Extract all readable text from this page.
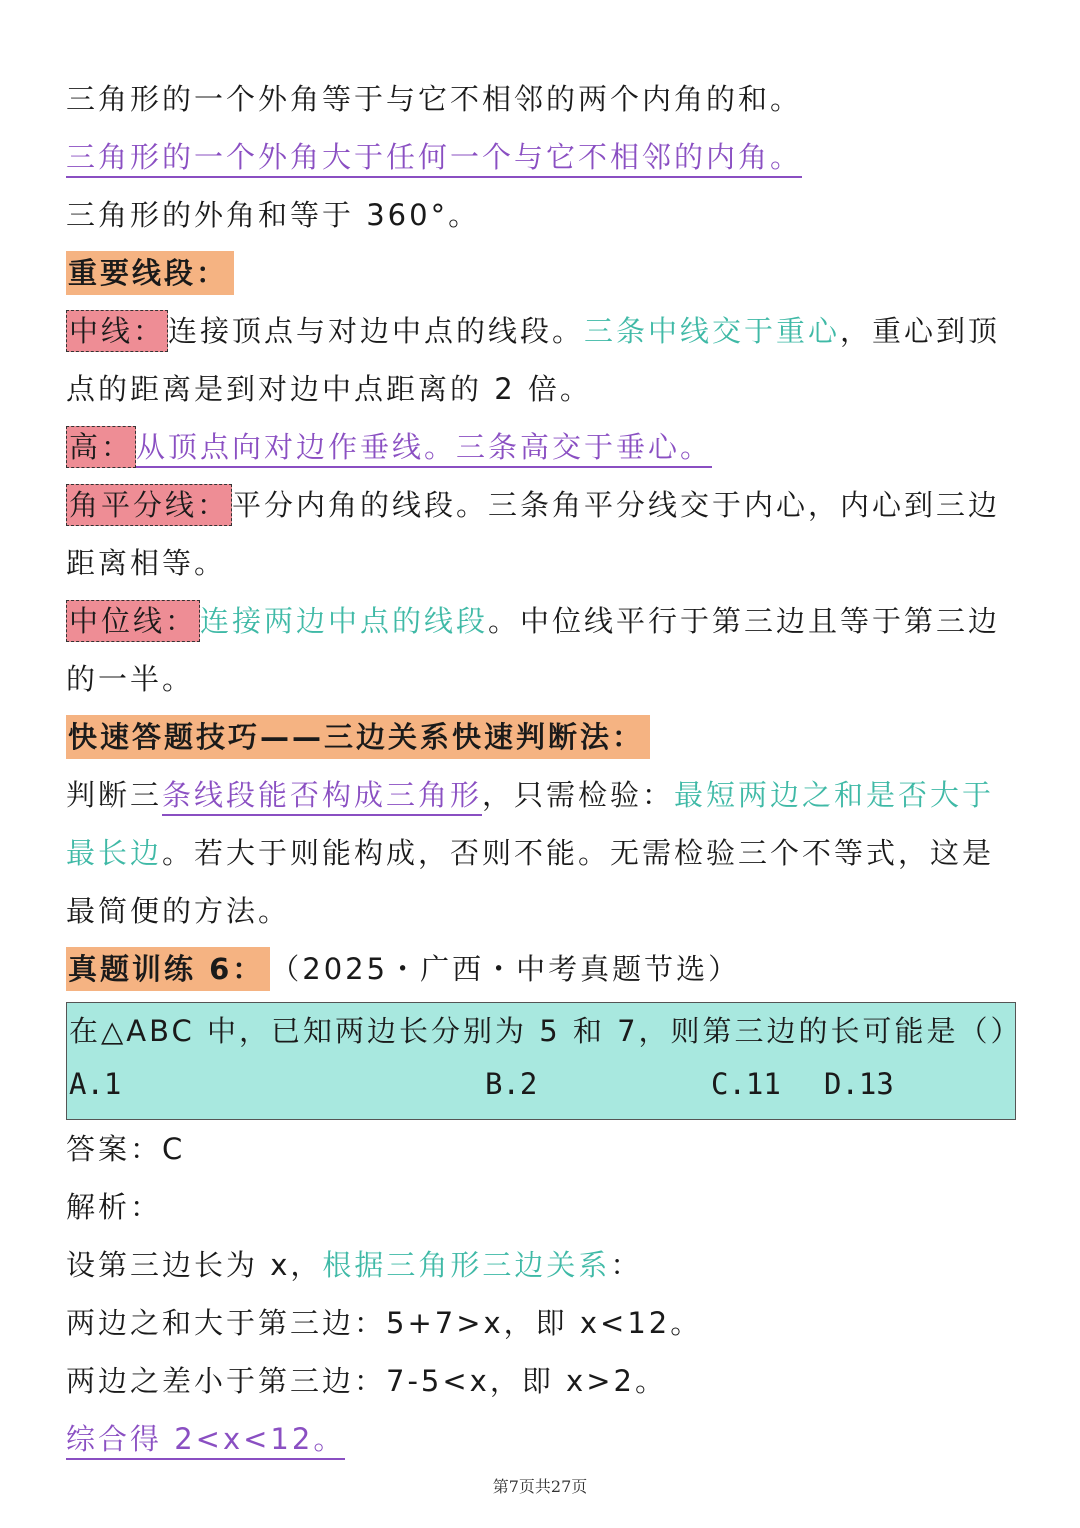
三角形的一个外角等于与它不相邻的两个内角的和。
三角形的一个外角大于任何一个与它不相邻的内角。
三角形的外角和等于 360°。
重要线段：
中线： 连接顶点与对边中点的线段。三条中线交于重心，重心到顶
点的距离是到对边中点距离的 2 倍。
高： 从顶点向对边作垂线。三条高交于垂心。
角平分线： 平分内角的线段。三条角平分线交于内心，内心到三边
距离相等。
中位线： 连接两边中点的线段。中位线平行于第三边且等于第三边
的一半。
快速答题技巧——三边关系快速判断法：
判断三条线段能否构成三角形，只需检验：最短两边之和是否大于
最长边。若大于则能构成，否则不能。无需检验三个不等式，这是
最简便的方法。
真题训练 6： （2025・广西・中考真题节选）
在△ABC 中，已知两边长分别为 5 和 7，则第三边的长可能是（）
A.1	B.2	C.11 D.13
答案：C
解析：
设第三边长为 x，根据三角形三边关系：
两边之和大于第三边：5+7>x，即 x<12。
两边之差小于第三边：7-5<x，即 x>2。
综合得 2<x<12。
第7页共27页
